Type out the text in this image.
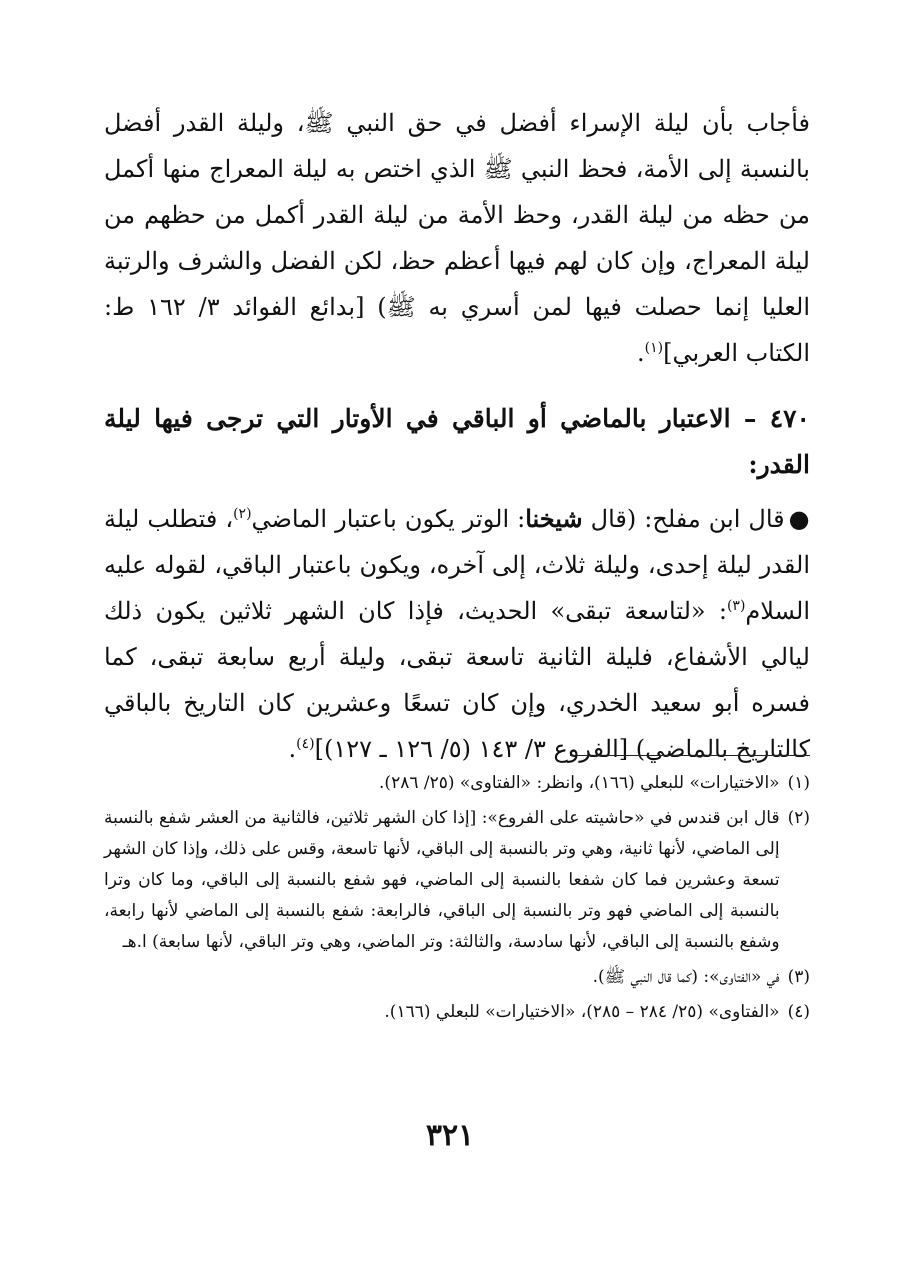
فأجاب بأن ليلة الإسراء أفضل في حق النبي ﷺ، وليلة القدر أفضل بالنسبة إلى الأمة، فحظ النبي ﷺ الذي اختص به ليلة المعراج منها أكمل من حظه من ليلة القدر، وحظ الأمة من ليلة القدر أكمل من حظهم من ليلة المعراج، وإن كان لهم فيها أعظم حظ، لكن الفضل والشرف والرتبة العليا إنما حصلت فيها لمن أسري به ﷺ) [بدائع الفوائد ٣/ ١٦٢ ط: الكتاب العربي]$^{(١)}$.

٤٧٠ – الاعتبار بالماضي أو الباقي في الأوتار التي ترجى فيها ليلة القدر:

●قال ابن مفلح: (قال شيخنا: الوتر يكون باعتبار الماضي$^{(٢)}$، فتطلب ليلة القدر ليلة إحدى، وليلة ثلاث، إلى آخره، ويكون باعتبار الباقي، لقوله عليه السلام$^{(٣)}$: «لتاسعة تبقى» الحديث، فإذا كان الشهر ثلاثين يكون ذلك ليالي الأشفاع، فليلة الثانية تاسعة تبقى، وليلة أربع سابعة تبقى، كما فسره أبو سعيد الخدري، وإن كان تسعًا وعشرين كان التاريخ بالباقي كالتاريخ بالماضي) [الفروع ٣/ ١٤٣ (٥/ ١٢٦ ـ ١٢٧)]$^{(٤)}$.

(١)
«الاختيارات» للبعلي (١٦٦)، وانظر: «الفتاوى» (٢٥/ ٢٨٦).
(٢)
قال ابن قندس في «حاشيته على الفروع»: [إذا كان الشهر ثلاثين، فالثانية من العشر شفع بالنسبة إلى الماضي، لأنها ثانية، وهي وتر بالنسبة إلى الباقي، لأنها تاسعة، وقس على ذلك، وإذا كان الشهر تسعة وعشرين فما كان شفعا بالنسبة إلى الماضي، فهو شفع بالنسبة إلى الباقي، وما كان وترا بالنسبة إلى الماضي فهو وتر بالنسبة إلى الباقي، فالرابعة: شفع بالنسبة إلى الماضي لأنها رابعة، وشفع بالنسبة إلى الباقي، لأنها سادسة، والثالثة: وتر الماضي، وهي وتر الباقي، لأنها سابعة) ا.هـ
(٣)
في «الفتاوى»: (كما قال النبي ﷺ).
(٤)
«الفتاوى» (٢٥/ ٢٨٤ – ٢٨٥)، «الاختيارات» للبعلي (١٦٦).
٣٢١
